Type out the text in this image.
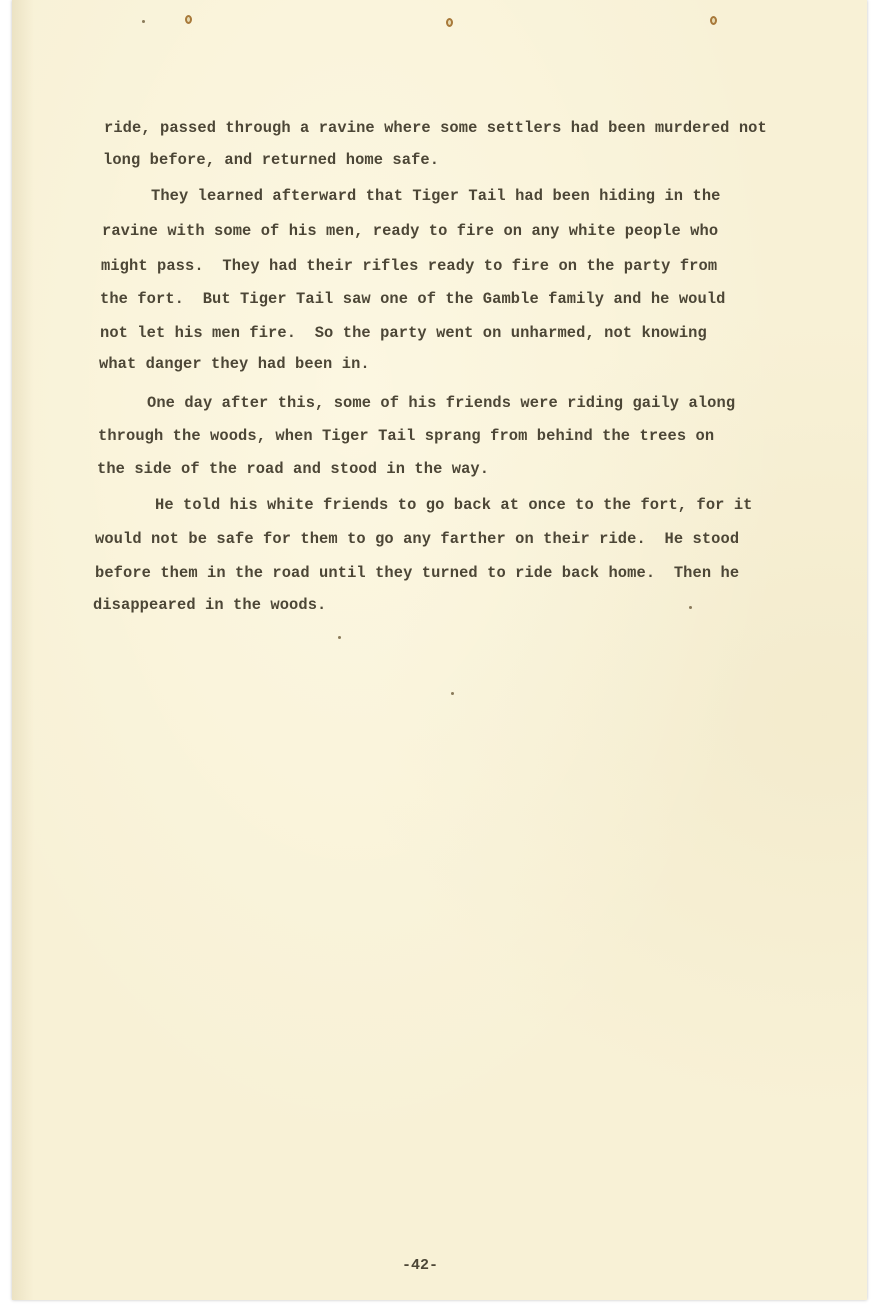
ride, passed through a ravine where some settlers had been murdered not

long before, and returned home safe.

They learned afterward that Tiger Tail had been hiding in the

ravine with some of his men, ready to fire on any white people who

might pass.  They had their rifles ready to fire on the party from

the fort.  But Tiger Tail saw one of the Gamble family and he would

not let his men fire.  So the party went on unharmed, not knowing

what danger they had been in.

One day after this, some of his friends were riding gaily along

through the woods, when Tiger Tail sprang from behind the trees on

the side of the road and stood in the way.

He told his white friends to go back at once to the fort, for it

would not be safe for them to go any farther on their ride.  He stood

before them in the road until they turned to ride back home.  Then he

disappeared in the woods.

-42-
